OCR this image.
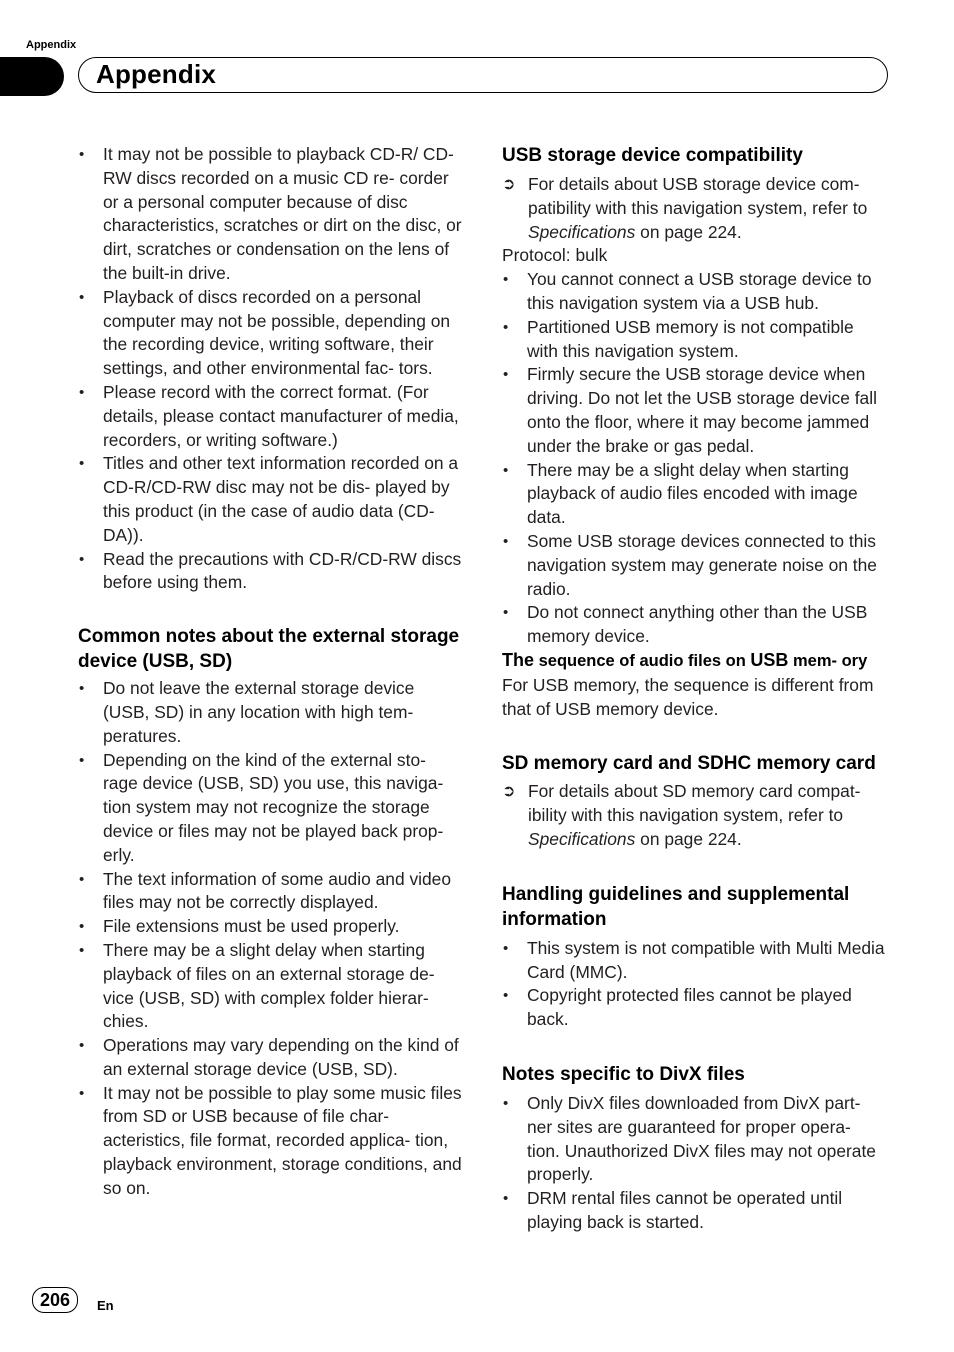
Appendix
Appendix
•	It may not be possible to playback CD-R/ CD-RW discs recorded on a music CD re- corder or a personal computer because of disc characteristics, scratches or dirt on the disc, or dirt, scratches or condensation on the lens of the built-in drive.
•	Playback of discs recorded on a personal computer may not be possible, depending on the recording device, writing software, their settings, and other environmental fac- tors.
•	Please record with the correct format. (For details, please contact manufacturer of media, recorders, or writing software.)
•	Titles and other text information recorded on a CD-R/CD-RW disc may not be dis- played by this product (in the case of audio data (CD-DA)).
•	Read the precautions with CD-R/CD-RW discs before using them.
Common notes about the external storage device (USB, SD)
•	Do not leave the external storage device (USB, SD) in any location with high tem- peratures.
•	Depending on the kind of the external sto- rage device (USB, SD) you use, this naviga- tion system may not recognize the storage device or files may not be played back prop- erly.
•	The text information of some audio and video files may not be correctly displayed.
•	File extensions must be used properly.
•	There may be a slight delay when starting playback of files on an external storage de- vice (USB, SD) with complex folder hierar- chies.
•	Operations may vary depending on the kind of an external storage device (USB, SD).
•	It may not be possible to play some music files from SD or USB because of file char- acteristics, file format, recorded applica- tion, playback environment, storage conditions, and so on.
USB storage device compatibility
➲ For details about USB storage device com- patibility with this navigation system, refer to Specifications on page 224.
Protocol: bulk
•	You cannot connect a USB storage device to this navigation system via a USB hub.
•	Partitioned USB memory is not compatible with this navigation system.
•	Firmly secure the USB storage device when driving. Do not let the USB storage device fall onto the floor, where it may become jammed under the brake or gas pedal.
•	There may be a slight delay when starting playback of audio files encoded with image data.
•	Some USB storage devices connected to this navigation system may generate noise on the radio.
•	Do not connect anything other than the USB memory device.
The sequence of audio files on USB mem- ory
For USB memory, the sequence is different from that of USB memory device.
SD memory card and SDHC memory card
➲ For details about SD memory card compat- ibility with this navigation system, refer to Specifications on page 224.
Handling guidelines and supplemental information
•	This system is not compatible with Multi Media Card (MMC).
•	Copyright protected files cannot be played back.
Notes specific to DivX files
•	Only DivX files downloaded from DivX part- ner sites are guaranteed for proper opera- tion. Unauthorized DivX files may not operate properly.
•	DRM rental files cannot be operated until playing back is started.
206	En
